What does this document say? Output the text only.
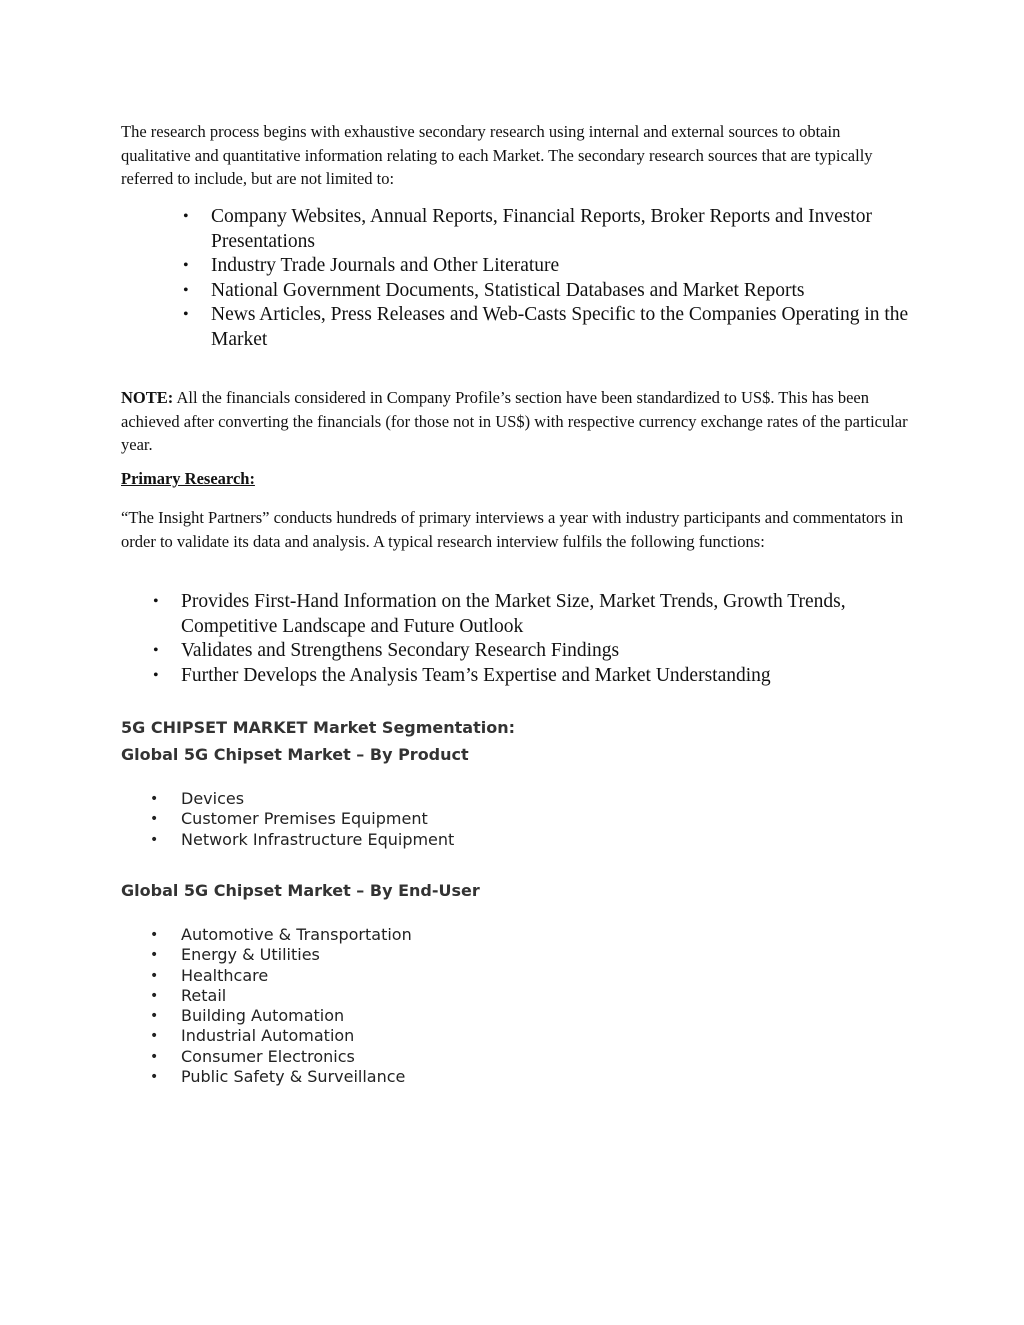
The research process begins with exhaustive secondary research using internal and external sources to obtain qualitative and quantitative information relating to each Market. The secondary research sources that are typically referred to include, but are not limited to:

• Company Websites, Annual Reports, Financial Reports, Broker Reports and Investor Presentations
• Industry Trade Journals and Other Literature
• National Government Documents, Statistical Databases and Market Reports
• News Articles, Press Releases and Web-Casts Specific to the Companies Operating in the Market

NOTE: All the financials considered in Company Profile’s section have been standardized to US$. This has been achieved after converting the financials (for those not in US$) with respective currency exchange rates of the particular year.

Primary Research:

“The Insight Partners” conducts hundreds of primary interviews a year with industry participants and commentators in order to validate its data and analysis. A typical research interview fulfils the following functions:

• Provides First-Hand Information on the Market Size, Market Trends, Growth Trends, Competitive Landscape and Future Outlook
• Validates and Strengthens Secondary Research Findings
• Further Develops the Analysis Team’s Expertise and Market Understanding

5G CHIPSET MARKET Market Segmentation:

Global 5G Chipset Market – By Product

• Devices
• Customer Premises Equipment
• Network Infrastructure Equipment

Global 5G Chipset Market – By End-User

• Automotive & Transportation
• Energy & Utilities
• Healthcare
• Retail
• Building Automation
• Industrial Automation
• Consumer Electronics
• Public Safety & Surveillance
